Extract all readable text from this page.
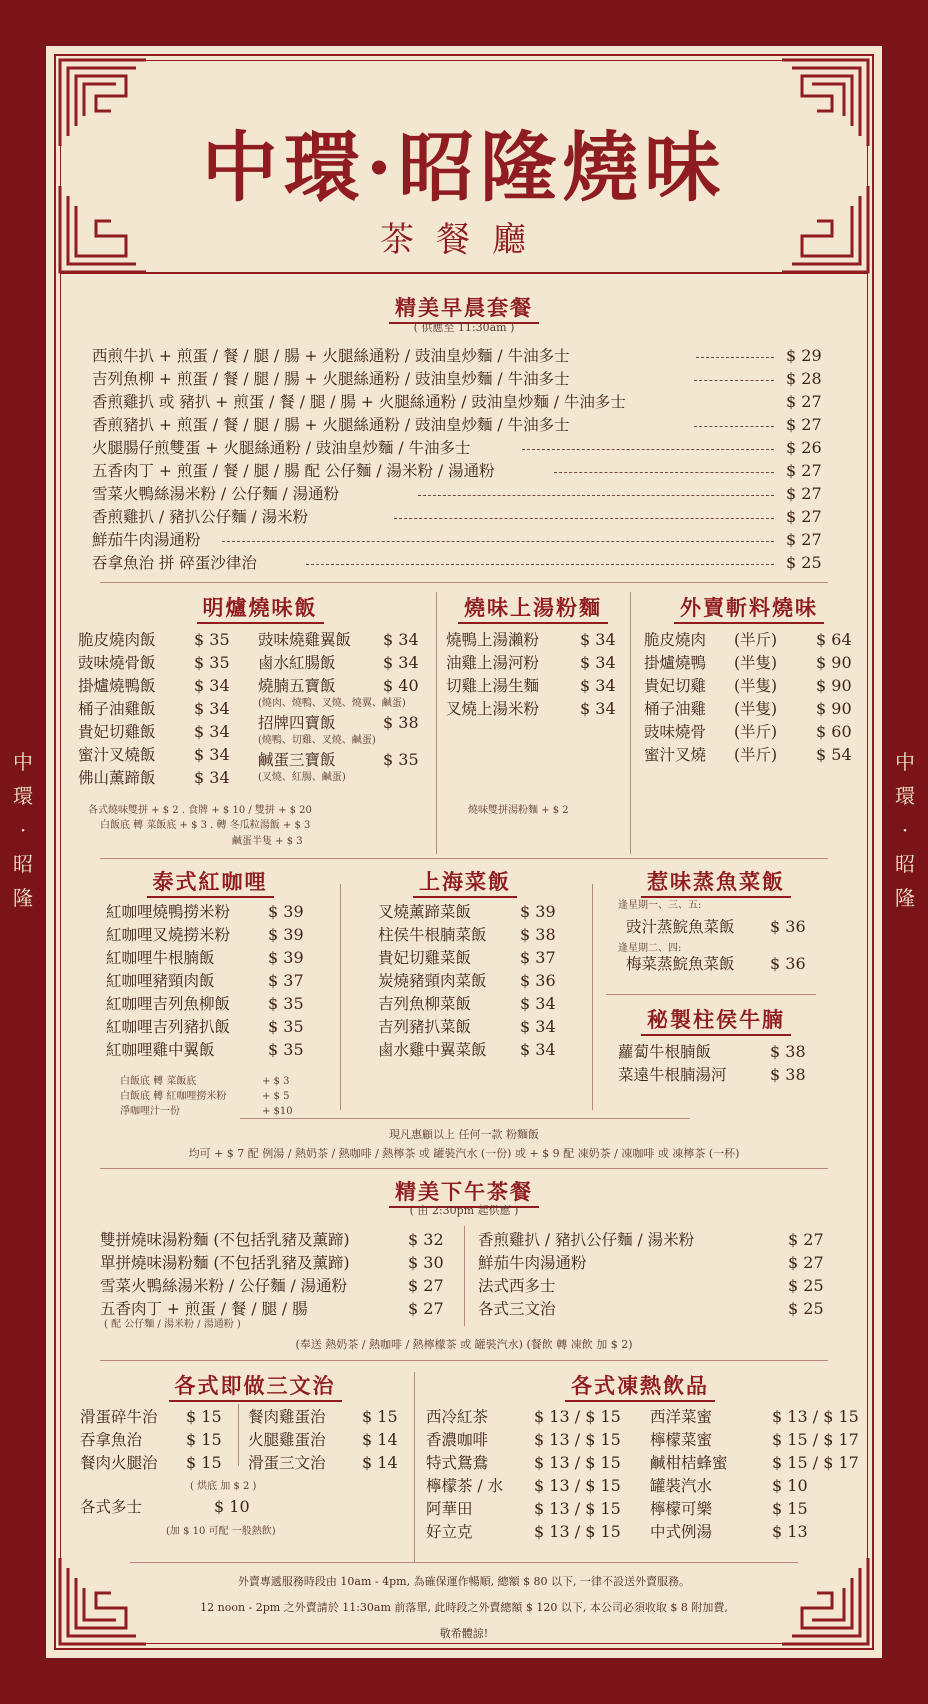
中
環
·
昭
隆
中
環
·
昭
隆
中環·昭隆燒味
茶餐廳
精美早晨套餐
( 供應至 11:30am )
西煎牛扒 + 煎蛋 / 餐 / 腿 / 腸 + 火腿絲通粉 / 豉油皇炒麵 / 牛油多士	$ 29
吉列魚柳 + 煎蛋 / 餐 / 腿 / 腸 + 火腿絲通粉 / 豉油皇炒麵 / 牛油多士	$ 28
香煎雞扒 或 豬扒 + 煎蛋 / 餐 / 腿 / 腸 + 火腿絲通粉 / 豉油皇炒麵 / 牛油多士	$ 27
香煎豬扒 + 煎蛋 / 餐 / 腿 / 腸 + 火腿絲通粉 / 豉油皇炒麵 / 牛油多士	$ 27
火腿腸仔煎雙蛋 + 火腿絲通粉 / 豉油皇炒麵 / 牛油多士	$ 26
五香肉丁 + 煎蛋 / 餐 / 腿 / 腸 配 公仔麵 / 湯米粉 / 湯通粉	$ 27
雪菜火鴨絲湯米粉 / 公仔麵 / 湯通粉	$ 27
香煎雞扒 / 豬扒公仔麵 / 湯米粉	$ 27
鮮茄牛肉湯通粉	$ 27
吞拿魚治 拼 碎蛋沙律治	$ 25
明爐燒味飯
脆皮燒肉飯 $ 35
豉味燒骨飯 $ 35
掛爐燒鴨飯 $ 34
桶子油雞飯 $ 34
貴妃切雞飯 $ 34
蜜汁叉燒飯 $ 34
佛山薰蹄飯 $ 34
豉味燒雞翼飯 $ 34
鹵水紅腸飯	$ 34
燒腩五寶飯	$ 40
(燒肉、燒鴨、叉燒、燒翼、鹹蛋)
招牌四寶飯	$ 38
(燒鴨、切雞、叉燒、鹹蛋)
鹹蛋三寶飯	$ 35
(叉燒、紅腸、鹹蛋)
各式燒味雙拼 + $ 2 . 食牌 + $ 10 / 雙拼 + $ 20
白飯底 轉 菜飯底 + $ 3 . 轉 冬瓜粒湯飯 + $ 3
鹹蛋半隻 + $ 3
燒味上湯粉麵
燒鴨上湯瀨粉	$ 34
油雞上湯河粉	$ 34
切雞上湯生麵	$ 34
叉燒上湯米粉	$ 34
燒味雙拼湯粉麵 + $ 2
外賣斬料燒味
脆皮燒肉 (半斤) $ 64
掛爐燒鴨 (半隻) $ 90
貴妃切雞 (半隻) $ 90
桶子油雞 (半隻) $ 90
豉味燒骨 (半斤) $ 60
蜜汁叉燒 (半斤) $ 54
泰式紅咖哩
紅咖哩燒鴨撈米粉 $ 39
紅咖哩叉燒撈米粉 $ 39
紅咖哩牛根腩飯	$ 39
紅咖哩豬頸肉飯	$ 37
紅咖哩吉列魚柳飯 $ 35
紅咖哩吉列豬扒飯 $ 35
紅咖哩雞中翼飯	$ 35
白飯底 轉 菜飯底	+ $ 3
白飯底 轉 紅咖哩撈米粉	+ $ 5
淨咖哩汁一份	+ $10
上海菜飯
叉燒薰蹄菜飯	$ 39
柱侯牛根腩菜飯 $ 38
貴妃切雞菜飯	$ 37
炭燒豬頸肉菜飯 $ 36
吉列魚柳菜飯	$ 34
吉列豬扒菜飯	$ 34
鹵水雞中翼菜飯 $ 34
惹味蒸魚菜飯
逢星期一、三、五:
豉汁蒸鯇魚菜飯 $ 36
逢星期二、四:
梅菜蒸鯇魚菜飯 $ 36
秘製柱侯牛腩
蘿蔔牛根腩飯	$ 38
菜遠牛根腩湯河	$ 38
現凡惠顧以上 任何一款 粉麵飯
均可 + $ 7 配 例湯 / 熱奶茶 / 熱咖啡 / 熱檸茶 或 罐裝汽水 (一份) 或 + $ 9 配 凍奶茶 / 凍咖啡 或 凍檸茶 (一杯)
精美下午茶餐
( 由 2:30pm 起供應 )
雙拼燒味湯粉麵 (不包括乳豬及薰蹄)	$ 32
單拼燒味湯粉麵 (不包括乳豬及薰蹄)	$ 30
雪菜火鴨絲湯米粉 / 公仔麵 / 湯通粉	$ 27
五香肉丁 + 煎蛋 / 餐 / 腿 / 腸	$ 27
香煎雞扒 / 豬扒公仔麵 / 湯米粉	$ 27
鮮茄牛肉湯通粉	$ 27
法式西多士	$ 25
各式三文治	$ 25
( 配 公仔麵 / 湯米粉 / 湯通粉 )
(奉送 熱奶茶 / 熱咖啡 / 熱檸檬茶 或 罐裝汽水) (餐飲 轉 凍飲 加 $ 2)
各式即做三文治
滑蛋碎牛治 $ 15
吞拿魚治	$ 15
餐肉火腿治 $ 15
餐肉雞蛋治 $ 15
火腿雞蛋治 $ 14
滑蛋三文治 $ 14
( 烘底 加 $ 2 )
各式多士	$ 10
(加 $ 10 可配 一般熱飲)
各式凍熱飲品
西冷紅茶	$ 13 / $ 15
香濃咖啡	$ 13 / $ 15
特式鴛鴦	$ 13 / $ 15
檸檬茶 / 水 $ 13 / $ 15
阿華田	$ 13 / $ 15
好立克	$ 13 / $ 15
西洋菜蜜	$ 13 / $ 15
檸檬菜蜜	$ 15 / $ 17
鹹柑桔蜂蜜	$ 15 / $ 17
罐裝汽水	$ 10
檸檬可樂	$ 15
中式例湯	$ 13
外賣專遞服務時段由 10am - 4pm, 為確保運作暢順, 總額 $ 80 以下, 一律不設送外賣服務。
12 noon - 2pm 之外賣請於 11:30am 前落單, 此時段之外賣總額 $ 120 以下, 本公司必須收取 $ 8 附加費,
敬希體諒!
